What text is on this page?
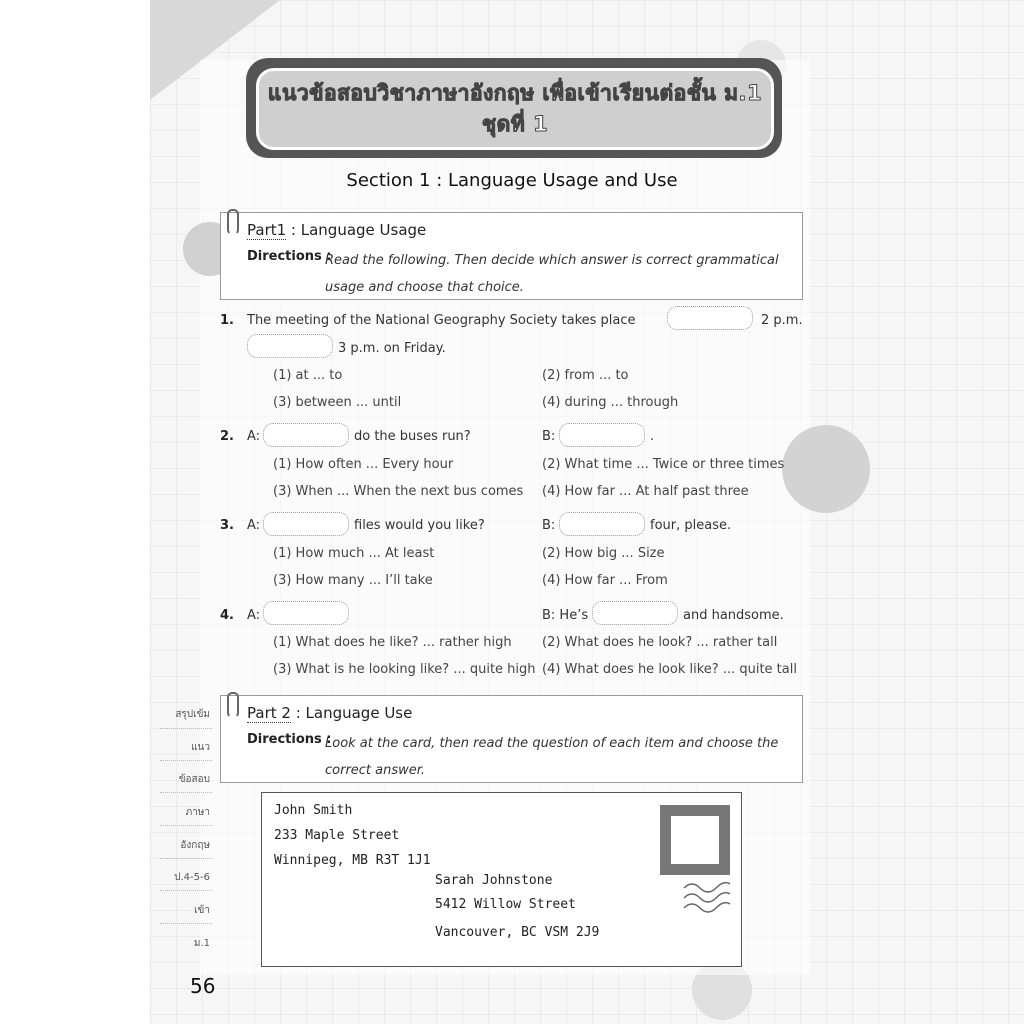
แนวข้อสอบวิชาภาษาอังกฤษ เพื่อเข้าเรียนต่อชั้น ม.1
ชุดที่ 1
Section 1 : Language Usage and Use
Part1 : Language Usage
Directions :
Read the following. Then decide which answer is correct grammatical
usage and choose that choice.
1. The meeting of the National Geography Society takes place	2 p.m.
3 p.m. on Friday.
(1) at ... to	(2) from ... to
(3) between ... until	(4) during ... through
2. A:	do the buses run?	B:	.
(1) How often ... Every hour	(2) What time ... Twice or three times
(3) When ... When the next bus comes (4) How far ... At half past three
3. A:	files would you like?	B:	four, please.
(1) How much ... At least	(2) How big ... Size
(3) How many ... I’ll take	(4) How far ... From
4. A:	B: He’s	and handsome.
(1) What does he like? ... rather high (2) What does he look? ... rather tall
(3) What is he looking like? ... quite high (4) What does he look like? ... quite tall
Part 2 : Language Use
Directions :
Look at the card, then read the question of each item and choose the
correct answer.
John Smith
233 Maple Street
Winnipeg, MB R3T 1J1
Sarah Johnstone
5412 Willow Street
Vancouver, BC VSM 2J9
สรุปเข้ม
แนว
ข้อสอบ
ภาษา
อังกฤษ
ป.4-5-6
เข้า
ม.1
56
